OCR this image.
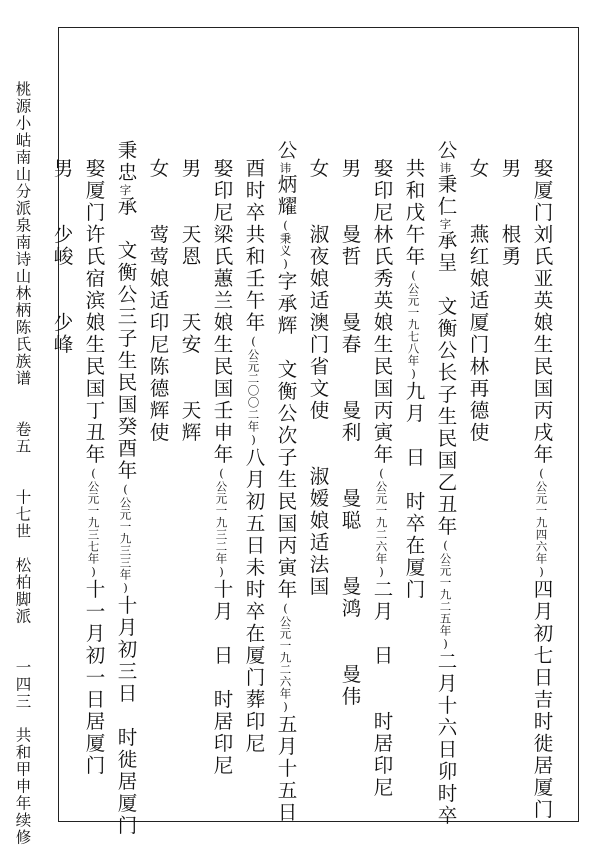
娶厦门刘氏亚英娘生民国丙戌年(公元一九四六年)四月初七日吉时徙居厦门

男　　根勇

女　　燕红娘适厦门林再德使

公讳秉仁字承呈　文衡公长子生民国乙丑年(公元一九二五年)二月十六日卯时卒

共和戊午年(公元一九七八年)九月　日　时卒在厦门

娶印尼林氏秀英娘生民国丙寅年(公元一九二六年)二月　日　　时居印尼

男　　曼哲　　曼春　　曼利　　曼聪　　曼鸿　　曼伟

女　　淑夜娘适澳门省文使　　淑嫒娘适法国

公讳炳耀(秉义)字承辉　文衡公次子生民国丙寅年(公元一九二六年)五月十五日

酉时卒共和壬午年(公元二〇〇二年)八月初五日未时卒在厦门葬印尼

娶印尼梁氏蕙兰娘生民国壬申年(公元一九三二年)十月　日　时居印尼

男　　天恩　　天安　　天辉

女　　莺莺娘适印尼陈德辉使

秉忠字承　文衡公三子生民国癸酉年(公元一九三三年)十月初三日　时徙居厦门

娶厦门许氏宿滨娘生民国丁丑年(公元一九三七年)十一月初一日居厦门

男　　少峻　　少峰

桃源小岵南山分派泉南诗山林柄陈氏族谱　　卷五　　十七世　松柏脚派　　一四三　共和甲申年续修
